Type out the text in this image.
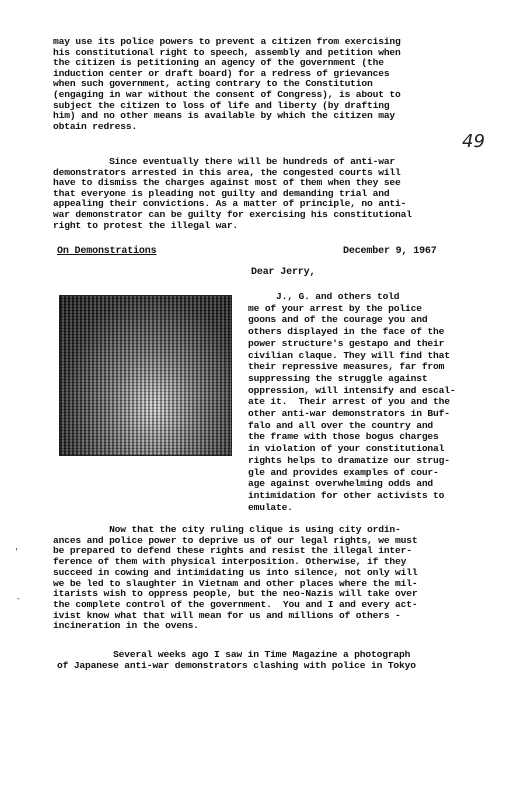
may use its police powers to prevent a citizen from exercising
his constitutional right to speech, assembly and petition when
the citizen is petitioning an agency of the government (the
induction center or draft board) for a redress of grievances
when such government, acting contrary to the Constitution
(engaging in war without the consent of Congress), is about to
subject the citizen to loss of life and liberty (by drafting
him) and no other means is available by which the citizen may
obtain redress.
49
Since eventually there will be hundreds of anti-war
demonstrators arrested in this area, the congested courts will
have to dismiss the charges against most of them when they see
that everyone is pleading not guilty and demanding trial and
appealing their convictions. As a matter of principle, no anti-
war demonstrator can be guilty for exercising his constitutional
right to protest the illegal war.
On Demonstrations	December 9, 1967
Dear Jerry,
J., G. and others told
me of your arrest by the police
goons and of the courage you and
others displayed in the face of the
power structure's gestapo and their
civilian claque. They will find that
their repressive measures, far from
suppressing the struggle against
oppression, will intensify and escal-
ate it.  Their arrest of you and the
other anti-war demonstrators in Buf-
falo and all over the country and
the frame with those bogus charges
in violation of your constitutional
rights helps to dramatize our strug-
gle and provides examples of cour-
age against overwhelming odds and
intimidation for other activists to
emulate.
Now that the city ruling clique is using city ordin-
ances and police power to deprive us of our legal rights, we must
be prepared to defend these rights and resist the illegal inter-
ference of them with physical interposition. Otherwise, if they
succeed in cowing and intimidating us into silence, not only will
we be led to slaughter in Vietnam and other places where the mil-
itarists wish to oppress people, but the neo-Nazis will take over
the complete control of the government.  You and I and every act-
ivist know what that will mean for us and millions of others -
incineration in the ovens.
Several weeks ago I saw in Time Magazine a photograph
of Japanese anti-war demonstrators clashing with police in Tokyo
'
-
